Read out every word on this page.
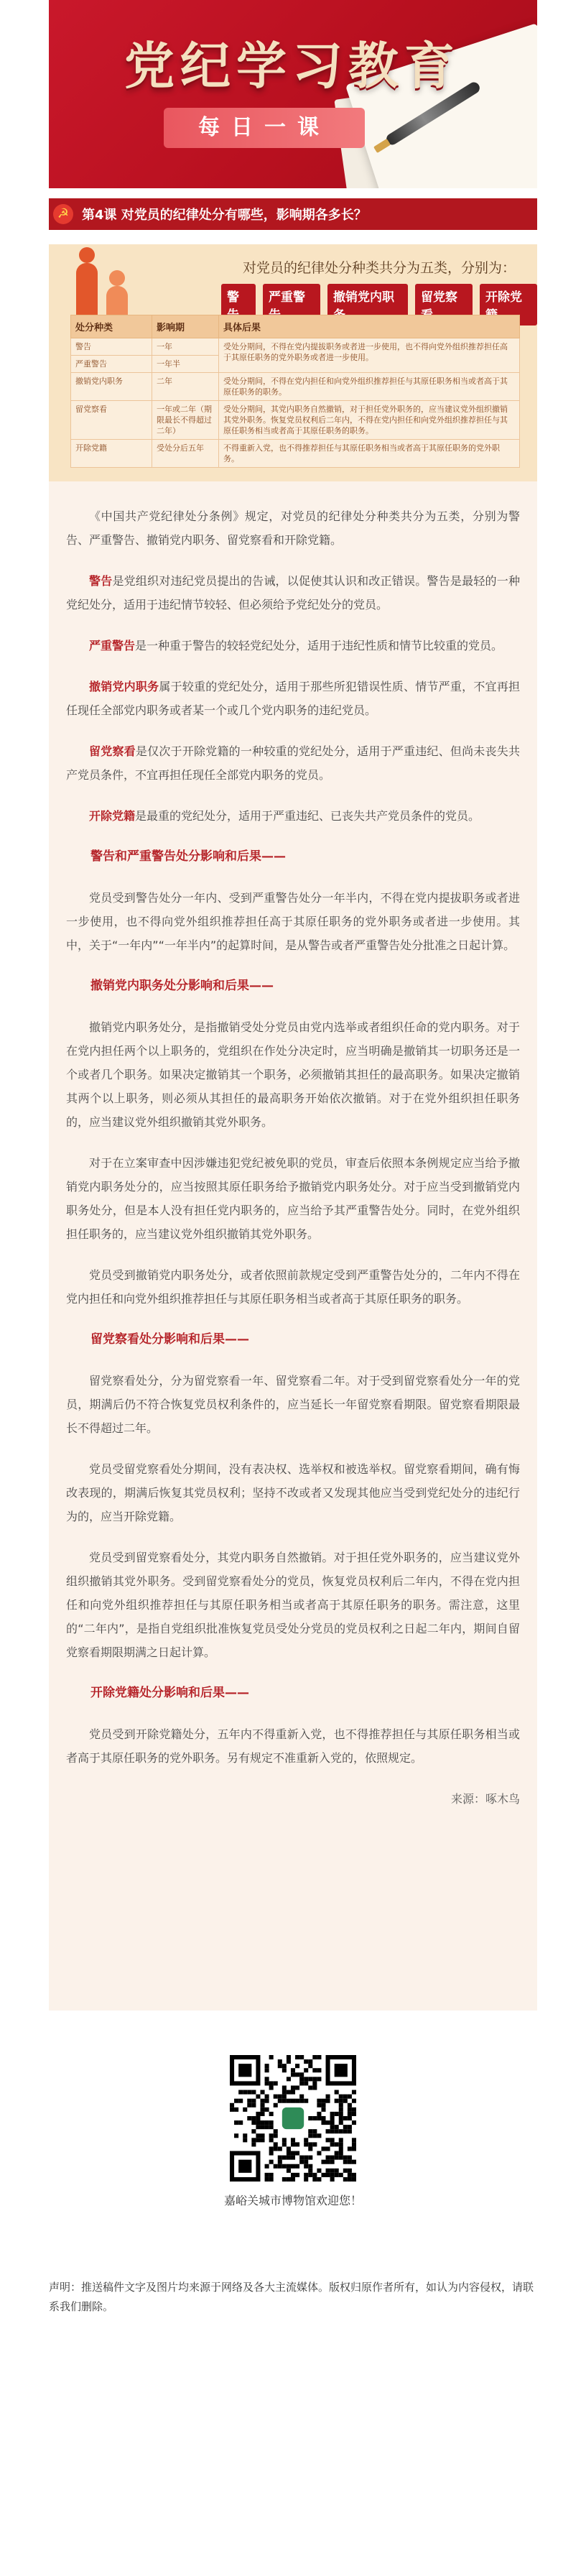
党纪学习教育
每日一课
☭ 第4课 对党员的纪律处分有哪些，影响期各多长？
对党员的纪律处分种类共分为五类，分别为：
警	严重警	撤销党内职	留党察	开除党
处分种类	影响期	具体后果
警告	一年	受处分期间，不得在党内提拔职务或者进一步使用，也不得向党外组织推荐担任高于其原任职务的党外职务或者进一步使用。
严重警告	一年半	
撤销党内职务	二年	受处分期间，不得在党内担任和向党外组织推荐担任与其原任职务相当或者高于其原任职务的职务。
留党察看	一年或二年（期限最长不得超过二年）	受处分期间，其党内职务自然撤销，对于担任党外职务的，应当建议党外组织撤销其党外职务。恢复党员权利后二年内，不得在党内担任和向党外组织推荐担任与其原任职务相当或者高于其原任职务的职务。
开除党籍	受处分后五年	不得重新入党，也不得推荐担任与其原任职务相当或者高于其原任职务的党外职务。

《中国共产党纪律处分条例》规定，对党员的纪律处分种类共分为五类，分别为警告、严重警告、撤销党内职务、留党察看和开除党籍。

警告是党组织对违纪党员提出的告诫，以促使其认识和改正错误。警告是最轻的一种党纪处分，适用于违纪情节较轻、但必须给予党纪处分的党员。

严重警告是一种重于警告的较轻党纪处分，适用于违纪性质和情节比较重的党员。

撤销党内职务属于较重的党纪处分，适用于那些所犯错误性质、情节严重，不宜再担任现任全部党内职务或者某一个或几个党内职务的违纪党员。

留党察看是仅次于开除党籍的一种较重的党纪处分，适用于严重违纪、但尚未丧失共产党员条件，不宜再担任现任全部党内职务的党员。

开除党籍是最重的党纪处分，适用于严重违纪、已丧失共产党员条件的党员。

警告和严重警告处分影响和后果——

党员受到警告处分一年内、受到严重警告处分一年半内，不得在党内提拔职务或者进一步使用，也不得向党外组织推荐担任高于其原任职务的党外职务或者进一步使用。其中，关于“一年内”“一年半内”的起算时间，是从警告或者严重警告处分批准之日起计算。

撤销党内职务处分影响和后果——

撤销党内职务处分，是指撤销受处分党员由党内选举或者组织任命的党内职务。对于在党内担任两个以上职务的，党组织在作处分决定时，应当明确是撤销其一切职务还是一个或者几个职务。如果决定撤销其一个职务，必须撤销其担任的最高职务。如果决定撤销其两个以上职务，则必须从其担任的最高职务开始依次撤销。对于在党外组织担任职务的，应当建议党外组织撤销其党外职务。

对于在立案审查中因涉嫌违犯党纪被免职的党员，审查后依照本条例规定应当给予撤销党内职务处分的，应当按照其原任职务给予撤销党内职务处分。对于应当受到撤销党内职务处分，但是本人没有担任党内职务的，应当给予其严重警告处分。同时，在党外组织担任职务的，应当建议党外组织撤销其党外职务。

党员受到撤销党内职务处分，或者依照前款规定受到严重警告处分的，二年内不得在党内担任和向党外组织推荐担任与其原任职务相当或者高于其原任职务的职务。

留党察看处分影响和后果——

留党察看处分，分为留党察看一年、留党察看二年。对于受到留党察看处分一年的党员，期满后仍不符合恢复党员权利条件的，应当延长一年留党察看期限。留党察看期限最长不得超过二年。

党员受留党察看处分期间，没有表决权、选举权和被选举权。留党察看期间，确有悔改表现的，期满后恢复其党员权利；坚持不改或者又发现其他应当受到党纪处分的违纪行为的，应当开除党籍。

党员受到留党察看处分，其党内职务自然撤销。对于担任党外职务的，应当建议党外组织撤销其党外职务。受到留党察看处分的党员，恢复党员权利后二年内，不得在党内担任和向党外组织推荐担任与其原任职务相当或者高于其原任职务的职务。需注意，这里的“二年内”，是指自党组织批准恢复党员受处分党员的党员权利之日起二年内，期间自留党察看期限期满之日起计算。

开除党籍处分影响和后果——

党员受到开除党籍处分，五年内不得重新入党，也不得推荐担任与其原任职务相当或者高于其原任职务的党外职务。另有规定不准重新入党的，依照规定。

来源：啄木鸟

嘉峪关城市博物馆欢迎您！
声明：推送稿件文字及图片均来源于网络及各大主流媒体。版权归原作者所有，如认为内容侵权，请联系我们删除。
